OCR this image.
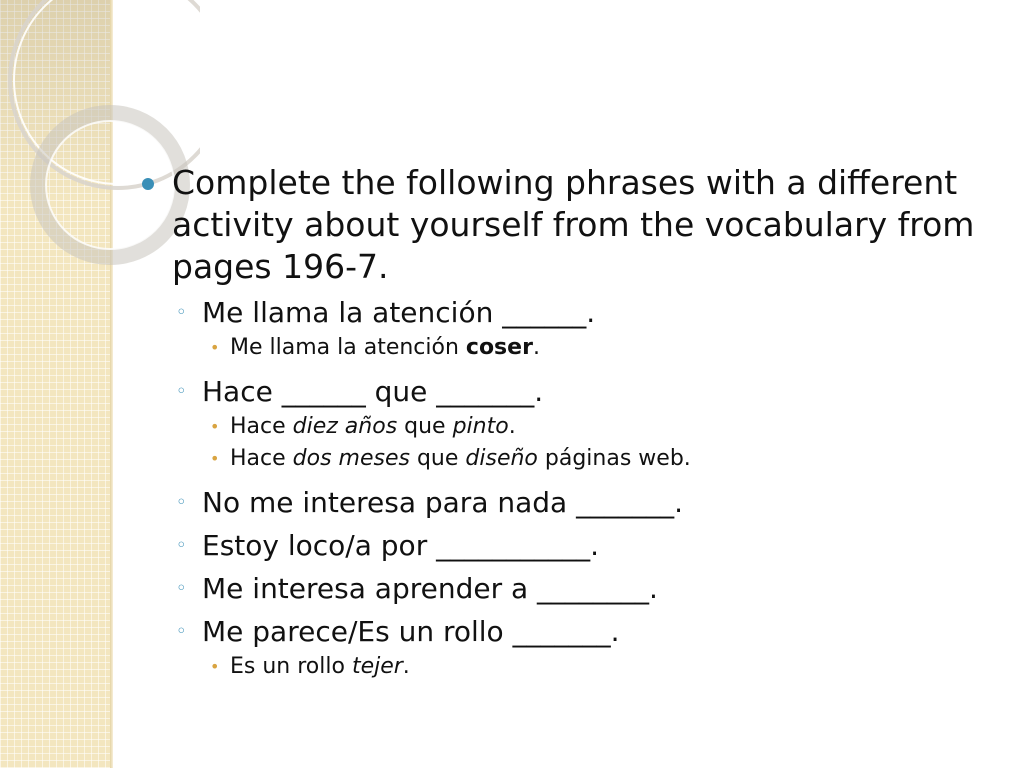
Complete the following phrases with a different activity about yourself from the vocabulary from pages 196-7.
◦ Me llama la atención ______.
• Me llama la atención coser.
◦ Hace ______ que _______.
• Hace diez años que pinto.
• Hace dos meses que diseño páginas web.
◦ No me interesa para nada _______.
◦ Estoy loco/a por ___________.
◦ Me interesa aprender a ________.
◦ Me parece/Es un rollo _______.
• Es un rollo tejer.
